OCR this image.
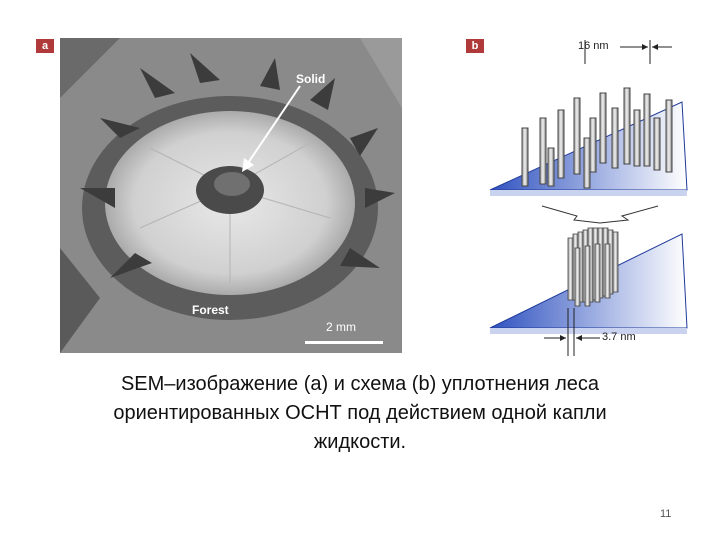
a
Solid
Forest
2 mm
b	16 nm
3.7 nm
SEM–изображение (a) и схема (b) уплотнения леса
ориентированных ОСНТ под действием одной капли
жидкости.
11
